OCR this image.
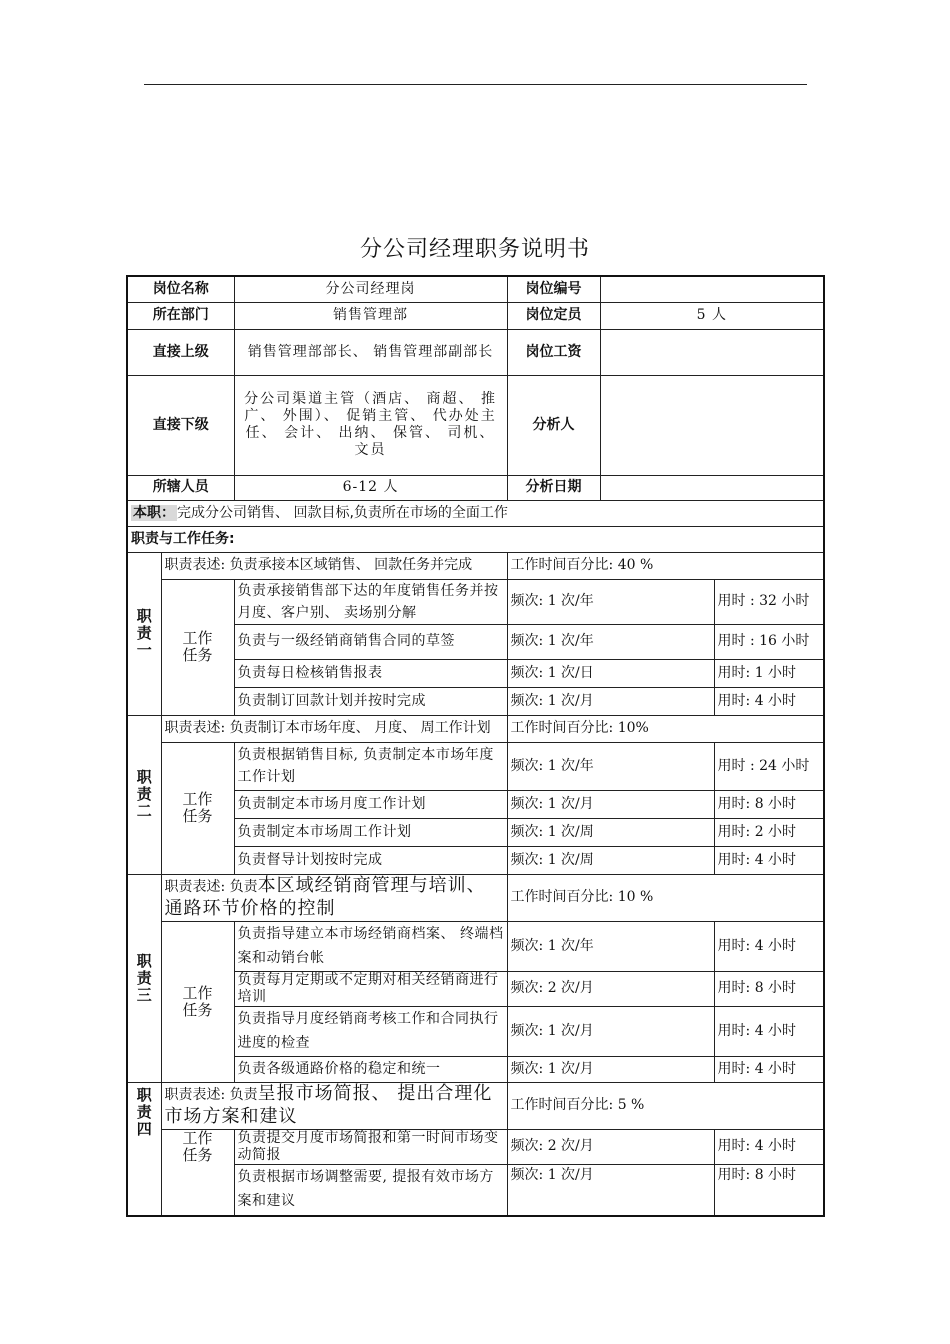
分公司经理职务说明书
岗位名称		分公司经理岗	岗位编号		
所在部门		销售管理部	岗位定员	5 人	
直接上级		销售管理部部长、 销售管理部副部长	岗位工资		
直接下级		分公司渠道主管（酒店、 商超、 推广、 外围）、 促销主管、 代办处主任、 会计、 出纳、 保管、 司机、 文员	分析人		
所辖人员		6-12 人	分析日期		
本职： 完成分公司销售、 回款目标,负责所在市场的全面工作					
职责与工作任务:					
职
责
一	职责表述: 负责承接本区域销售、 回款任务并完成		工作时间百分比: 40 %		
	工作
任务	负责承接销售部下达的年度销售任务并按月度、客户别、 卖场别分解	频次: 1 次/年		用时 : 32 小时
		负责与一级经销商销售合同的草签	频次: 1 次/年		用时 : 16 小时
		负责每日检核销售报表	频次: 1 次/日		用时: 1 小时
		负责制订回款计划并按时完成	频次: 1 次/月		用时: 4 小时
职
责
二	职责表述: 负责制订本市场年度、 月度、 周工作计划		工作时间百分比: 10%		
	工作
任务	负责根据销售目标, 负责制定本市场年度工作计划	频次: 1 次/年		用时 : 24 小时
		负责制定本市场月度工作计划	频次: 1 次/月		用时: 8 小时
		负责制定本市场周工作计划	频次: 1 次/周		用时: 2 小时
		负责督导计划按时完成	频次: 1 次/周		用时: 4 小时
职
责
三	职责表述: 负责本区域经销商管理与培训、 通路环节价格的控制		工作时间百分比: 10 %		
	工作
任务	负责指导建立本市场经销商档案、 终端档案和动销台帐	频次: 1 次/年		用时: 4 小时
		负责每月定期或不定期对相关经销商进行培训	频次: 2 次/月		用时: 8 小时
		负责指导月度经销商考核工作和合同执行进度的检查	频次: 1 次/月		用时: 4 小时
		负责各级通路价格的稳定和统一	频次: 1 次/月		用时: 4 小时
职
责
四	职责表述: 负责呈报市场简报、 提出合理化市场方案和建议		工作时间百分比: 5 %		
	工作
任务	负责提交月度市场简报和第一时间市场变动简报	频次: 2 次/月		用时: 4 小时
		负责根据市场调整需要, 提报有效市场方案和建议	频次: 1 次/月		用时: 8 小时
